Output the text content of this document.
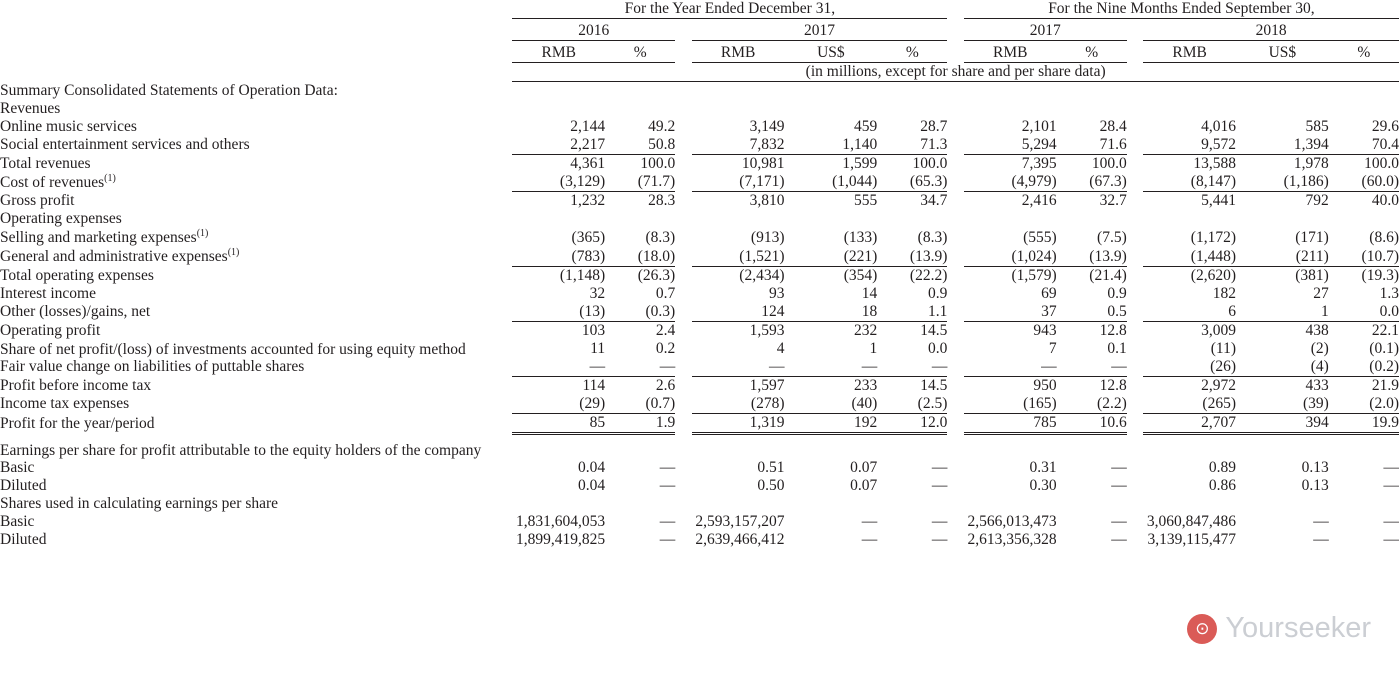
	For the Year Ended December 31,							For the Nine Months Ended September 30,					

	2016			2017				2017			2018		

	RMB	%		RMB	US$	%		RMB	%		RMB	US$	%
	(in millions, except for share and per share data)												
Summary Consolidated Statements of Operation Data:													
Revenues													
Online music services	2,144	49.2		3,149	459	28.7		2,101	28.4		4,016	585	29.6
Social entertainment services and others	2,217	50.8		7,832	1,140	71.3		5,294	71.6		9,572	1,394	70.4
Total revenues	4,361	100.0		10,981	1,599	100.0		7,395	100.0		13,588	1,978	100.0
Cost of revenues$^{(1)}$	(3,129)	(71.7)		(7,171)	(1,044)	(65.3)		(4,979)	(67.3)		(8,147)	(1,186)	(60.0)
Gross profit	1,232	28.3		3,810	555	34.7		2,416	32.7		5,441	792	40.0
Operating expenses													
Selling and marketing expenses$^{(1)}$	(365)	(8.3)		(913)	(133)	(8.3)		(555)	(7.5)		(1,172)	(171)	(8.6)
General and administrative expenses$^{(1)}$	(783)	(18.0)		(1,521)	(221)	(13.9)		(1,024)	(13.9)		(1,448)	(211)	(10.7)
Total operating expenses	(1,148)	(26.3)		(2,434)	(354)	(22.2)		(1,579)	(21.4)		(2,620)	(381)	(19.3)
Interest income	32	0.7		93	14	0.9		69	0.9		182	27	1.3
Other (losses)/gains, net	(13)	(0.3)		124	18	1.1		37	0.5		6	1	0.0
Operating profit	103	2.4		1,593	232	14.5		943	12.8		3,009	438	22.1
Share of net profit/(loss) of investments accounted for using equity method	11	0.2		4	1	0.0		7	0.1		(11)	(2)	(0.1)
Fair value change on liabilities of puttable shares	—	—		—	—	—		—	—		(26)	(4)	(0.2)
Profit before income tax	114	2.6		1,597	233	14.5		950	12.8		2,972	433	21.9
Income tax expenses	(29)	(0.7)		(278)	(40)	(2.5)		(165)	(2.2)		(265)	(39)	(2.0)
Profit for the year/period	85	1.9		1,319	192	12.0		785	10.6		2,707	394	19.9

Earnings per share for profit attributable to the equity holders of the company													
Basic	0.04	—		0.51	0.07	—		0.31	—		0.89	0.13	—
Diluted	0.04	—		0.50	0.07	—		0.30	—		0.86	0.13	—
Shares used in calculating earnings per share													
Basic	1,831,604,053	—		2,593,157,207	—	—		2,566,013,473	—		3,060,847,486	—	—
Diluted	1,899,419,825	—		2,639,466,412	—	—		2,613,356,328	—		3,139,115,477	—	—
⊙ Yourseeker
